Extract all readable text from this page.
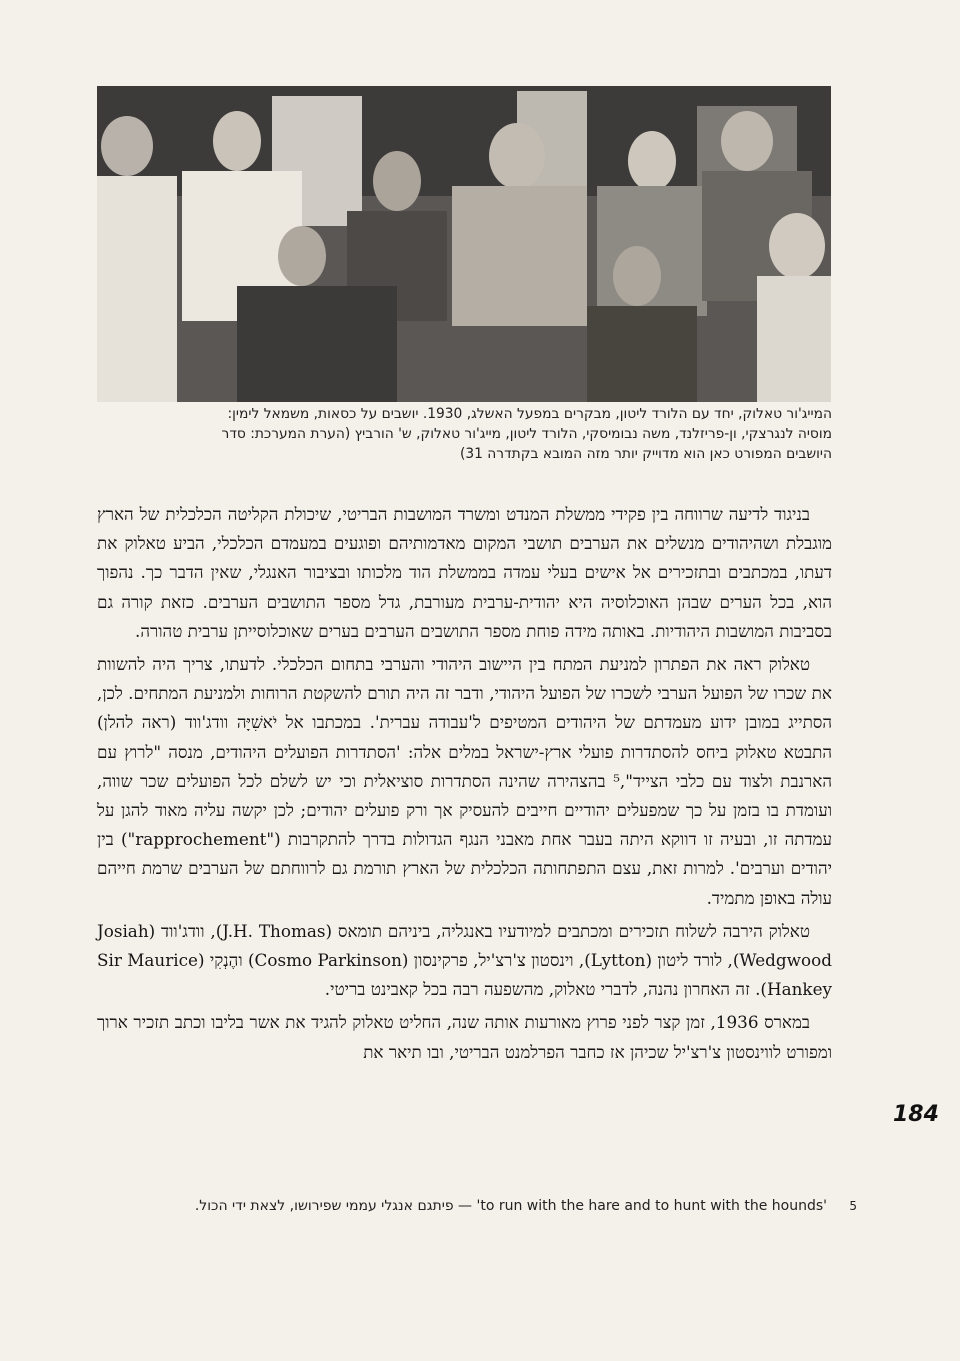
המייג'ור טאלוק, יחד עם הלורד ליטון, מבקרים במפעל האשלג, 1930. יושבים על כסאות, משמאל לימין:

מוסיה לנגרצקי, ון-פריזלנד, משה נבומיסקי, הלורד ליטון, מייג'ור טאלוק, ש' הורביץ (הערת המערכת: סדר

היושבים המפורט כאן הוא מדוייק יותר מזה המובא בקתדרה 31)

בניגוד לדיעה שרווחה בין פקידי ממשלת המנדט ומשרד המושבות הבריטי, שיכולת הקליטה הכלכלית של הארץ מוגבלת ושהיהודים מנשלים את הערבים תושבי המקום מאדמותיהם ופוגעים במעמדם הכלכלי, הביע טאלוק את דעתו, במכתבים ובתזכירים אל אישים בעלי עמדה בממשלת הוד מלכותו ובציבור האנגלי, שאין הדבר כך. נהפוך הוא, בכל הערים שבהן האוכלוסיה היא יהודית-ערבית מעורבת, גדל מספר התושבים הערבים. כזאת קורה גם בסביבות המושבות היהודיות. באותה מידה פוחת מספר התושבים הערבים בערים שאוכלוסייתן ערבית טהורה.

טאלוק ראה את הפתרון למניעת המתח בין היישוב היהודי והערבי בתחום הכלכלי. לדעתו, צריך היה להשוות את שכרו של הפועל הערבי לשכרו של הפועל היהודי, ודבר זה היה תורם להשקטת הרוחות ולמניעת המתחים. לכן, הסתייג במובן ידוע מעמדתם של היהודים המטיפים ל'עבודה עברית'. במכתבו אל יֹאשִׁיָּה וודג'ווד (ראה להלן) התבטא טאלוק ביחס להסתדרות פועלי ארץ-ישראל במלים אלה: 'הסתדרות הפועלים היהודים, מנסה "לרוץ עם הארנבת ולצוד עם כלבי הצייד",⁵ בהצהירה שהינה הסתדרות סוציאלית וכי יש לשלם לכל הפועלים שכר שווה, ועומדת בו בזמן על כך שמפעלים יהודיים חייבים להעסיק אך ורק פועלים יהודים; לכן יקשה עליה מאוד להגן על עמדתה זו, ובעיה זו דווקא היתה בעבר אחת מאבני הנגף הגדולות בדרך להתקרבות ("rapprochement") בין יהודים וערבים'. למרות זאת, עצם התפתחותה הכלכלית של הארץ תורמת גם לרווחתם של הערבים שרמת חייהם עולה באופן מתמיד.

טאלוק הירבה לשלוח תזכירים ומכתבים למיודעיו באנגליה, ביניהם תומאס (J.H. Thomas), וודג'ווד (Josiah Wedgwood), לורד ליטון (Lytton), וינסטון צ'רצ'יל, פרקינסון (Cosmo Parkinson) והֶנְקִי (Sir Maurice Hankey). זה האחרון נהנה, לדברי טאלוק, מהשפעה רבה בכל קאבינט בריטי.

במארס 1936, זמן קצר לפני פרוץ מאורעות אותה שנה, החליט טאלוק להגיד את אשר בליבו וכתב תזכיר ארוך ומפורט לווינסטון צ'רצ'יל שכיהן אז כחבר הפרלמנט הבריטי, ובו תיאר את

184
5

'to run with the hare and to hunt with the hounds' — פיתגם אנגלי עממי שפירושו, לצאת ידי הכול.
